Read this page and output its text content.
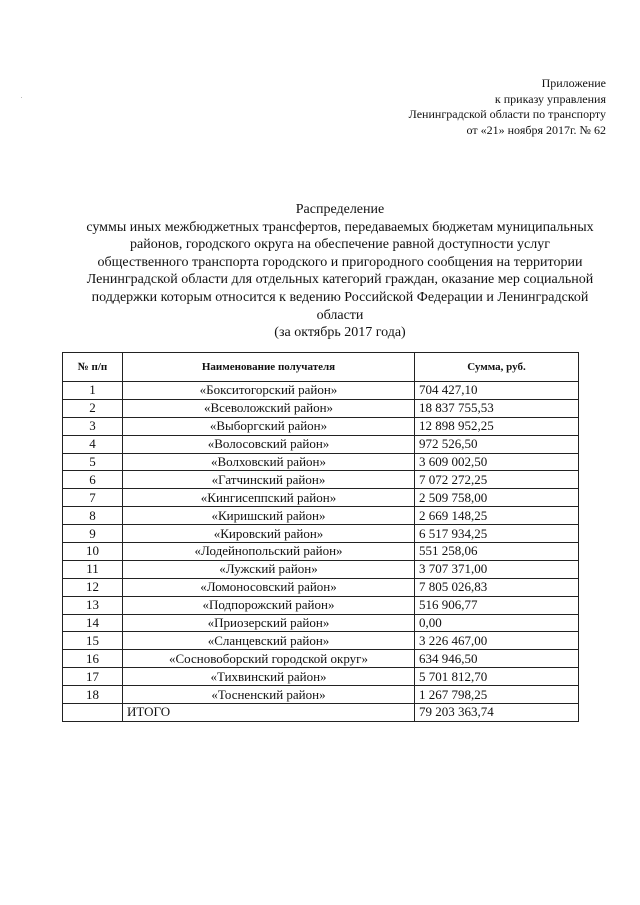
Приложение
к приказу управления
Ленинградской области по транспорту
от «21» ноября 2017г. № 62
Распределение
суммы иных межбюджетных трансфертов, передаваемых бюджетам муниципальных
районов, городского округа на обеспечение равной доступности услуг
общественного транспорта городского и пригородного сообщения на территории
Ленинградской области для отдельных категорий граждан, оказание мер социальной
поддержки которым относится к ведению Российской Федерации и Ленинградской
области
(за октябрь 2017 года)
№ п/п	Наименование получателя	Сумма, руб.
1	«Бокситогорский район»	704 427,10
2	«Всеволожский район»	18 837 755,53
3	«Выборгский район»	12 898 952,25
4	«Волосовский район»	972 526,50
5	«Волховский район»	3 609 002,50
6	«Гатчинский район»	7 072 272,25
7	«Кингисеппский район»	2 509 758,00
8	«Киришский район»	2 669 148,25
9	«Кировский район»	6 517 934,25
10	«Лодейнопольский район»	551 258,06
11	«Лужский район»	3 707 371,00
12	«Ломоносовский район»	7 805 026,83
13	«Подпорожский район»	516 906,77
14	«Приозерский район»	0,00
15	«Сланцевский район»	3 226 467,00
16	«Сосновоборский городской округ»	634 946,50
17	«Тихвинский район»	5 701 812,70
18	«Тосненский район»	1 267 798,25
	ИТОГО	79 203 363,74
